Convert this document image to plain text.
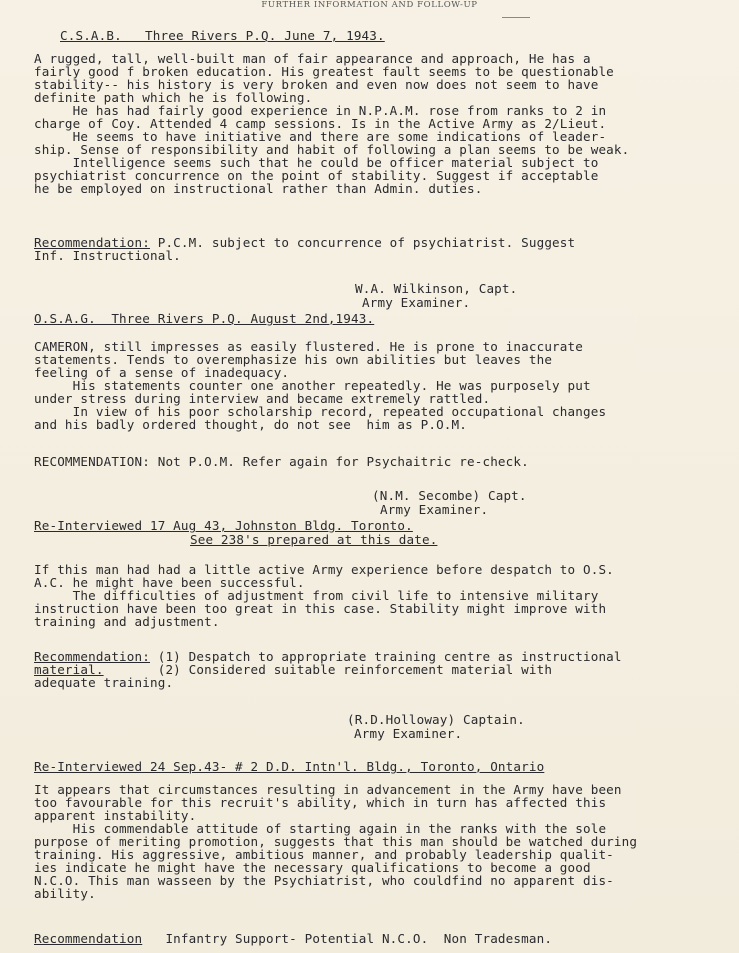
FURTHER INFORMATION AND FOLLOW-UP
C.S.A.B.   Three Rivers P.Q. June 7, 1943.
A rugged, tall, well-built man of fair appearance and approach, He has a
fairly good f broken education. His greatest fault seems to be questionable
stability-- his history is very broken and even now does not seem to have
definite path which he is following.
He has had fairly good experience in N.P.A.M. rose from ranks to 2 in
charge of Coy. Attended 4 camp sessions. Is in the Active Army as 2/Lieut.
He seems to have initiative and there are some indications of leader-
ship. Sense of responsibility and habit of following a plan seems to be weak.
Intelligence seems such that he could be officer material subject to
psychiatrist concurrence on the point of stability. Suggest if acceptable
he be employed on instructional rather than Admin. duties.
Recommendation: P.C.M. subject to concurrence of psychiatrist. Suggest
Inf. Instructional.
W.A. Wilkinson, Capt.
Army Examiner.
O.S.A.G.  Three Rivers P.Q. August 2nd,1943.
CAMERON, still impresses as easily flustered. He is prone to inaccurate
statements. Tends to overemphasize his own abilities but leaves the
feeling of a sense of inadequacy.
His statements counter one another repeatedly. He was purposely put
under stress during interview and became extremely rattled.
In view of his poor scholarship record, repeated occupational changes
and his badly ordered thought, do not see  him as P.O.M.
RECOMMENDATION: Not P.O.M. Refer again for Psychaitric re-check.
(N.M. Secombe) Capt.
Army Examiner.
Re-Interviewed 17 Aug 43, Johnston Bldg. Toronto.
See 238's prepared at this date.
If this man had had a little active Army experience before despatch to O.S.
A.C. he might have been successful.
The difficulties of adjustment from civil life to intensive military
instruction have been too great in this case. Stability might improve with
training and adjustment.
Recommendation: (1) Despatch to appropriate training centre as instructional
material.       (2) Considered suitable reinforcement material with
adequate training.
(R.D.Holloway) Captain.
Army Examiner.
Re-Interviewed 24 Sep.43- # 2 D.D. Intn'l. Bldg., Toronto, Ontario
It appears that circumstances resulting in advancement in the Army have been
too favourable for this recruit's ability, which in turn has affected this
apparent instability.
His commendable attitude of starting again in the ranks with the sole
purpose of meriting promotion, suggests that this man should be watched during
training. His aggressive, ambitious manner, and probably leadership qualit-
ies indicate he might have the necessary qualifications to become a good
N.C.O. This man wasseen by the Psychiatrist, who couldfind no apparent dis-
ability.
Recommendation   Infantry Support- Potential N.C.O.  Non Tradesman.
